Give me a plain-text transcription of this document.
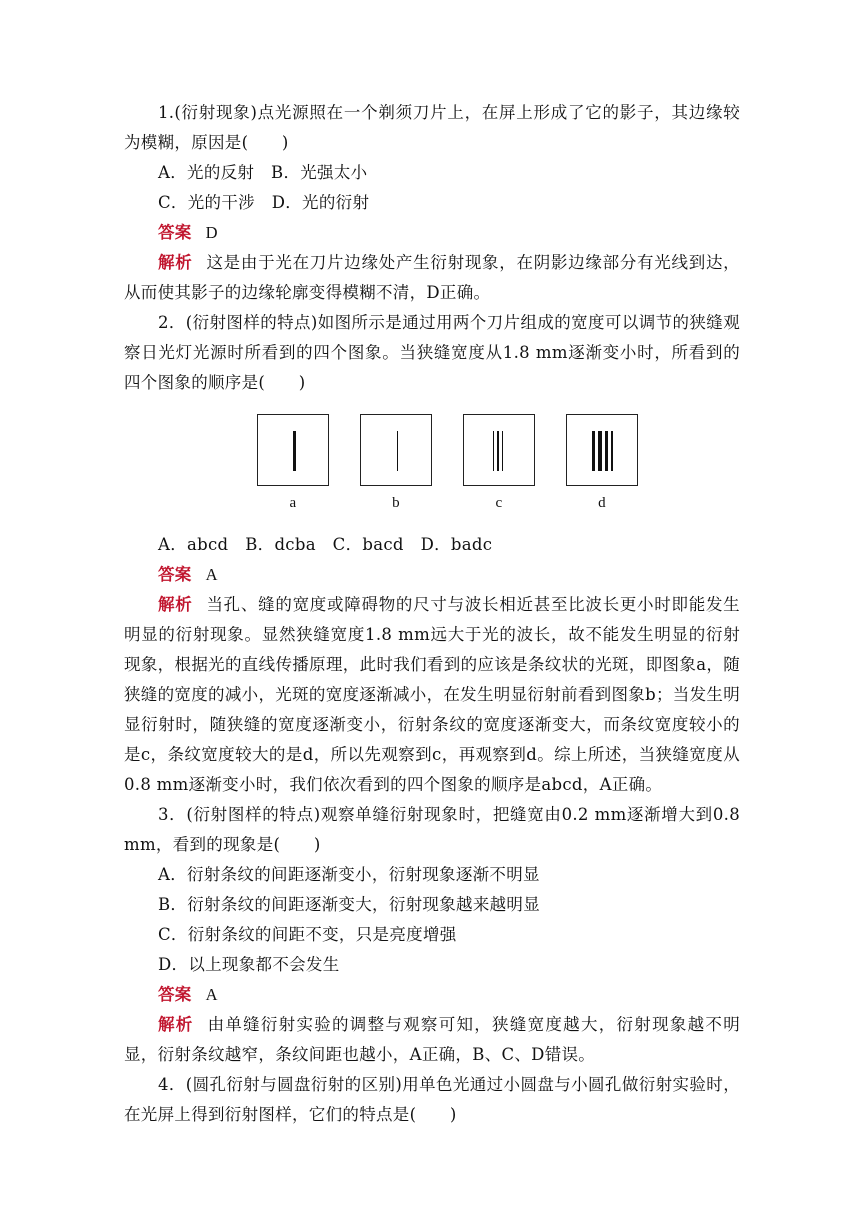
1.(衍射现象)点光源照在一个剃须刀片上，在屏上形成了它的影子，其边缘较为模糊，原因是(　　)

A．光的反射　B．光强太小

C．光的干涉　D．光的衍射

答案 D

解析 这是由于光在刀片边缘处产生衍射现象，在阴影边缘部分有光线到达，从而使其影子的边缘轮廓变得模糊不清，D正确。

2．(衍射图样的特点)如图所示是通过用两个刀片组成的宽度可以调节的狭缝观察日光灯光源时所看到的四个图象。当狭缝宽度从1.8 mm逐渐变小时，所看到的四个图象的顺序是(　　)

a	b	c	d

A．abcd　B．dcba　C．bacd　D．badc

答案 A

解析 当孔、缝的宽度或障碍物的尺寸与波长相近甚至比波长更小时即能发生明显的衍射现象。显然狭缝宽度1.8 mm远大于光的波长，故不能发生明显的衍射现象，根据光的直线传播原理，此时我们看到的应该是条纹状的光斑，即图象a，随狭缝的宽度的减小，光斑的宽度逐渐减小，在发生明显衍射前看到图象b；当发生明显衍射时，随狭缝的宽度逐渐变小，衍射条纹的宽度逐渐变大，而条纹宽度较小的是c，条纹宽度较大的是d，所以先观察到c，再观察到d。综上所述，当狭缝宽度从0.8 mm逐渐变小时，我们依次看到的四个图象的顺序是abcd，A正确。

3．(衍射图样的特点)观察单缝衍射现象时，把缝宽由0.2 mm逐渐增大到0.8 mm，看到的现象是(　　)

A．衍射条纹的间距逐渐变小，衍射现象逐渐不明显

B．衍射条纹的间距逐渐变大，衍射现象越来越明显

C．衍射条纹的间距不变，只是亮度增强

D．以上现象都不会发生

答案 A

解析 由单缝衍射实验的调整与观察可知，狭缝宽度越大，衍射现象越不明显，衍射条纹越窄，条纹间距也越小，A正确，B、C、D错误。

4．(圆孔衍射与圆盘衍射的区别)用单色光通过小圆盘与小圆孔做衍射实验时，在光屏上得到衍射图样，它们的特点是(　　)
